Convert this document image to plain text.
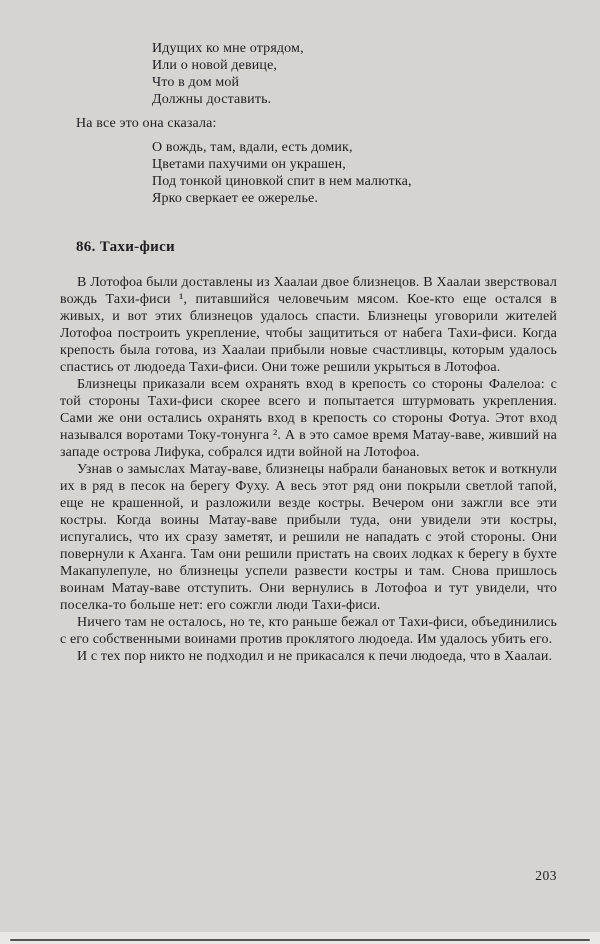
Идущих ко мне отрядом,
Или о новой девице,
Что в дом мой
Должны доставить.

На все это она сказала:

О вождь, там, вдали, есть домик,
Цветами пахучими он украшен,
Под тонкой циновкой спит в нем малютка,
Ярко сверкает ее ожерелье.
86. Тахи-фиси

В Лотофоа были доставлены из Хаалаи двое близнецов. В Хаалаи зверствовал вождь Тахи-фиси ¹, питавшийся человечьим мясом. Кое-кто еще остался в живых, и вот этих близнецов удалось спасти. Близнецы уговорили жителей Лотофоа построить укрепление, чтобы защититься от набега Тахи-фиси. Когда крепость была готова, из Хаалаи прибыли новые счастливцы, которым удалось спастись от людоеда Тахи-фиси. Они тоже решили укрыться в Лотофоа.

Близнецы приказали всем охранять вход в крепость со стороны Фалелоа: с той стороны Тахи-фиси скорее всего и попытается штурмовать укрепления. Сами же они остались охранять вход в крепость со стороны Фотуа. Этот вход назывался воротами Току-тонунга ². А в это самое время Матау-ваве, живший на западе острова Лифука, собрался идти войной на Лотофоа.

Узнав о замыслах Матау-ваве, близнецы набрали банановых веток и воткнули их в ряд в песок на берегу Фуху. А весь этот ряд они покрыли светлой тапой, еще не крашенной, и разложили везде костры. Вечером они зажгли все эти костры. Когда воины Матау-ваве прибыли туда, они увидели эти костры, испугались, что их сразу заметят, и решили не нападать с этой стороны. Они повернули к Аханга. Там они решили пристать на своих лодках к берегу в бухте Макапулепуле, но близнецы успели развести костры и там. Снова пришлось воинам Матау-ваве отступить. Они вернулись в Лотофоа и тут увидели, что поселка-то больше нет: его сожгли люди Тахи-фиси.

Ничего там не осталось, но те, кто раньше бежал от Тахи-фиси, объединились с его собственными воинами против проклятого людоеда. Им удалось убить его.

И с тех пор никто не подходил и не прикасался к печи людоеда, что в Хаалаи.

203
